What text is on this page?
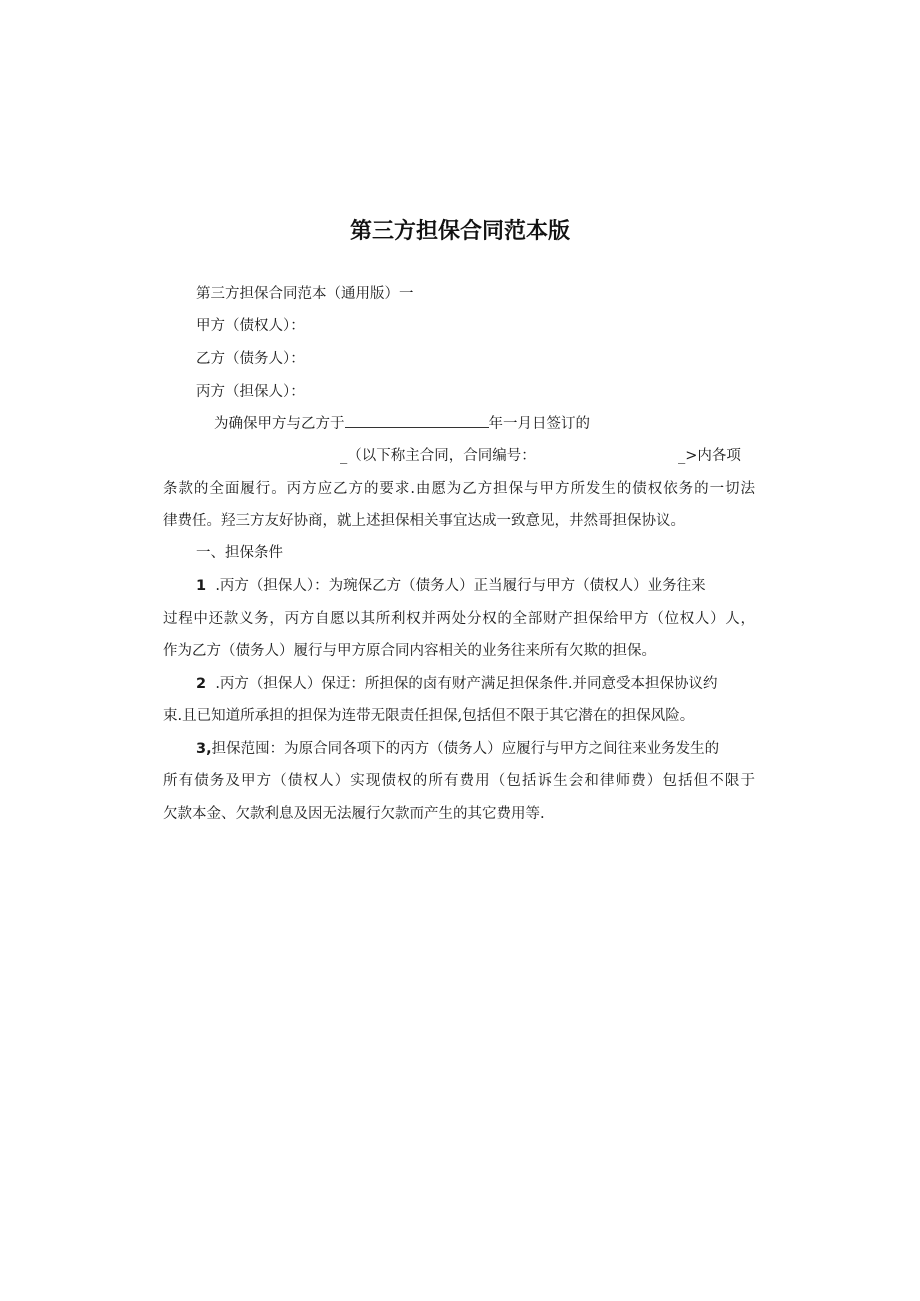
第三方担保合同范本版
第三方担保合同范本（通用版）一
甲方（债权人）：
乙方（债务人）：
丙方（担保人）：
为确保甲方与乙方于	年一月日签订的
_（以下称主合同，合同编号：	_>内各项
条款的全面履行。丙方应乙方的要求.由愿为乙方担保与甲方所发生的债权依务的一切法
律费任。羟三方友好协商，就上述担保相关事宜达成一致意见，井然哥担保协议。
一、担保条件
1 .丙方（担保人）：为琬保乙方（债务人）正当履行与甲方（债权人）业务往来
过程中还款义务，丙方自愿以其所利权并两处分权的全部财产担保给甲方（位权人）人，
作为乙方（债务人）履行与甲方原合同内容相关的业务往来所有欠欺的担保。
2 .丙方（担保人）保迂：所担保的卤有财产满足担保条件.并同意受本担保协议约
束.且已知道所承担的担保为连带无限责任担保,包括但不限于其它潜在的担保风险。
3,担保范囤：为原合同各项下的丙方（债务人）应履行与甲方之间往来业务发生的
所有债务及甲方（债权人）实现债权的所有费用（包括诉生会和律师费）包括但不限于
欠款本金、欠款利息及因无法履行欠款而产生的其它费用等.
